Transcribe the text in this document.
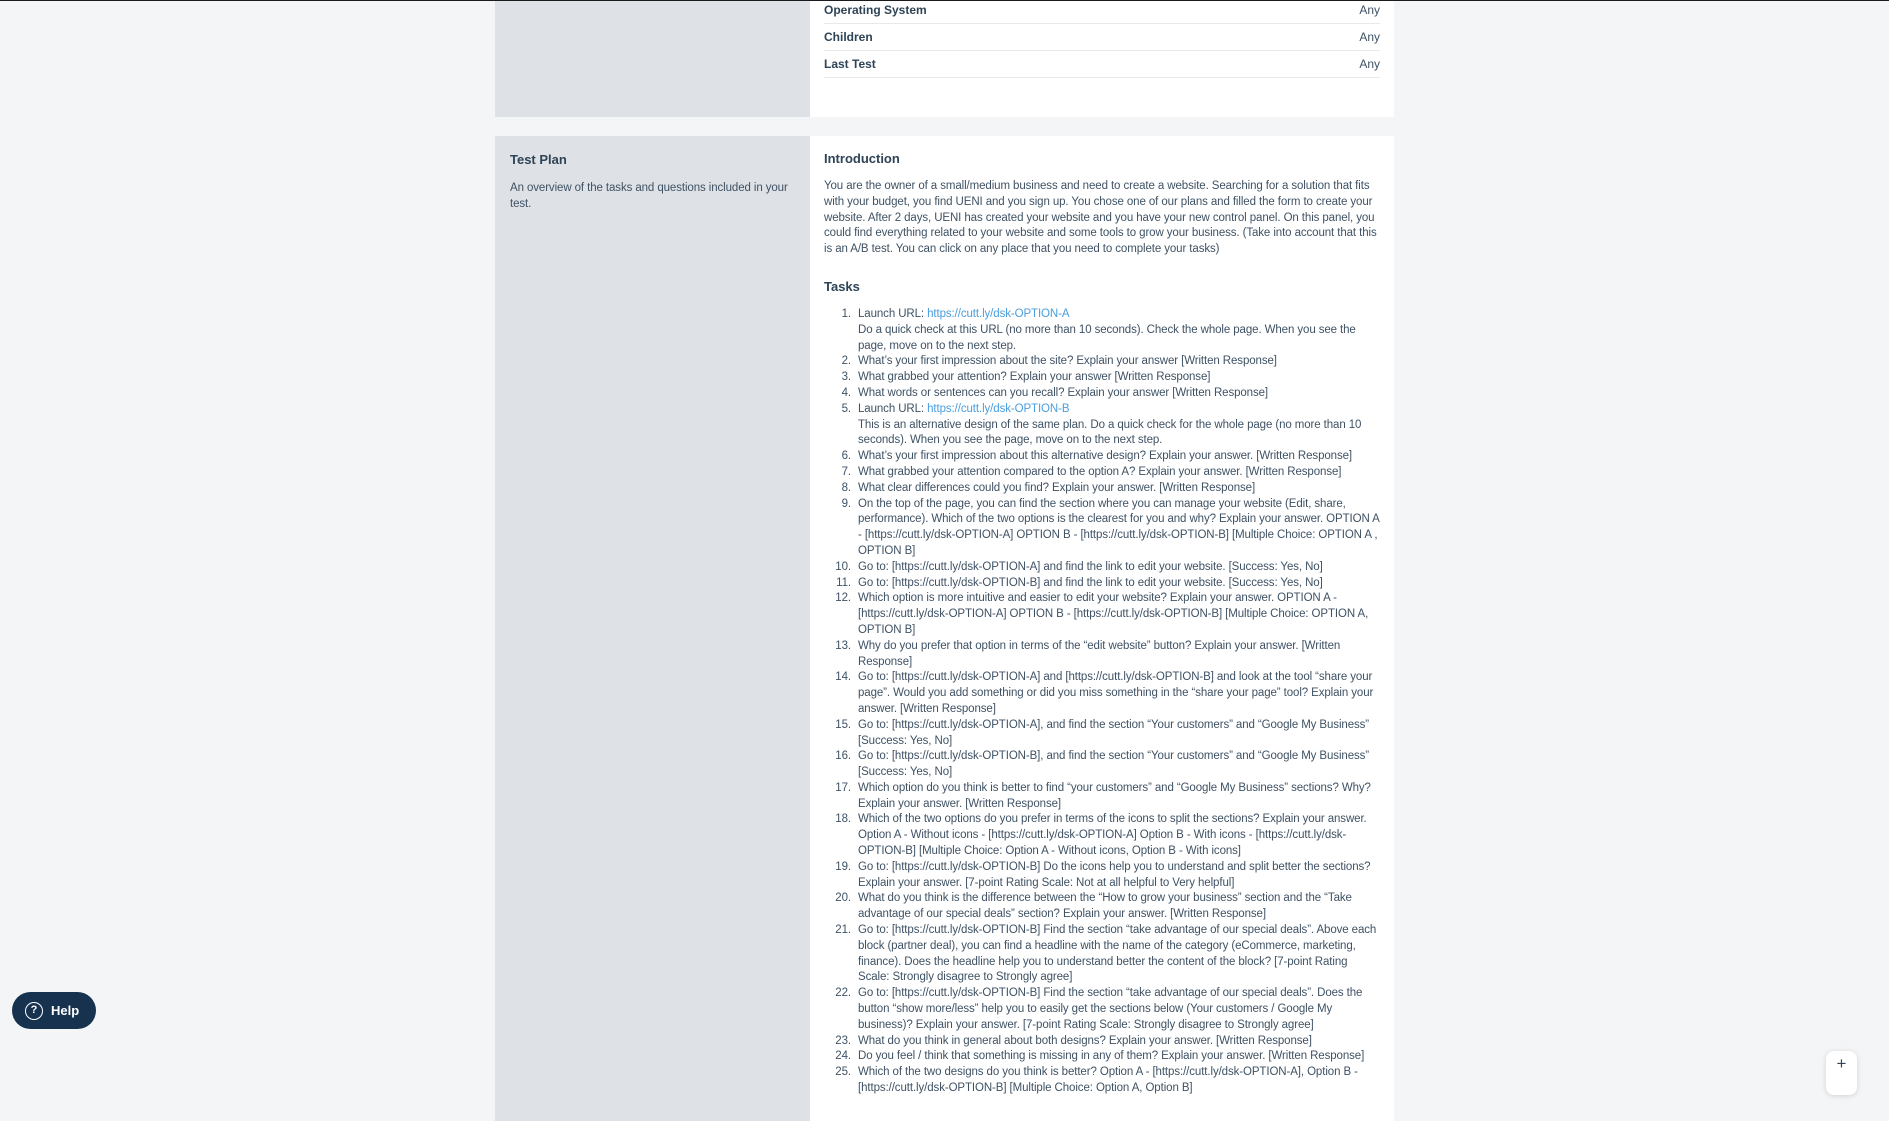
Operating System	Any
Children	Any
Last Test	Any
Test Plan

An overview of the tasks and questions included in your test.

Introduction

You are the owner of a small/medium business and need to create a website. Searching for a solution that fits with your budget, you find UENI and you sign up. You chose one of our plans and filled the form to create your website. After 2 days, UENI has created your website and you have your new control panel. On this panel, you could find everything related to your website and some tools to grow your business. (Take into account that this is an A/B test. You can click on any place that you need to complete your tasks)

Tasks
Launch URL: https://cutt.ly/dsk-OPTION-A
Do a quick check at this URL (no more than 10 seconds). Check the whole page. When you see the page, move on to the next step.
What’s your first impression about the site? Explain your answer [Written Response]
What grabbed your attention? Explain your answer [Written Response]
What words or sentences can you recall? Explain your answer [Written Response]
Launch URL: https://cutt.ly/dsk-OPTION-B
This is an alternative design of the same plan. Do a quick check for the whole page (no more than 10 seconds). When you see the page, move on to the next step.
What’s your first impression about this alternative design? Explain your answer. [Written Response]
What grabbed your attention compared to the option A? Explain your answer. [Written Response]
What clear differences could you find? Explain your answer. [Written Response]
On the top of the page, you can find the section where you can manage your website (Edit, share, performance). Which of the two options is the clearest for you and why? Explain your answer. OPTION A - [https://cutt.ly/dsk-OPTION-A] OPTION B - [https://cutt.ly/dsk-OPTION-B] [Multiple Choice: OPTION A , OPTION B]
Go to: [https://cutt.ly/dsk-OPTION-A] and find the link to edit your website. [Success: Yes, No]
Go to: [https://cutt.ly/dsk-OPTION-B] and find the link to edit your website. [Success: Yes, No]
Which option is more intuitive and easier to edit your website? Explain your answer. OPTION A - [https://cutt.ly/dsk-OPTION-A] OPTION B - [https://cutt.ly/dsk-OPTION-B] [Multiple Choice: OPTION A, OPTION B]
Why do you prefer that option in terms of the “edit website” button? Explain your answer. [Written Response]
Go to: [https://cutt.ly/dsk-OPTION-A] and [https://cutt.ly/dsk-OPTION-B] and look at the tool “share your page”. Would you add something or did you miss something in the “share your page” tool? Explain your answer. [Written Response]
Go to: [https://cutt.ly/dsk-OPTION-A], and find the section “Your customers” and “Google My Business” [Success: Yes, No]
Go to: [https://cutt.ly/dsk-OPTION-B], and find the section “Your customers” and “Google My Business” [Success: Yes, No]
Which option do you think is better to find “your customers” and “Google My Business” sections? Why? Explain your answer. [Written Response]
Which of the two options do you prefer in terms of the icons to split the sections? Explain your answer. Option A - Without icons - [https://cutt.ly/dsk-OPTION-A] Option B - With icons - [https://cutt.ly/dsk-OPTION-B] [Multiple Choice: Option A - Without icons, Option B - With icons]
Go to: [https://cutt.ly/dsk-OPTION-B] Do the icons help you to understand and split better the sections? Explain your answer. [7-point Rating Scale: Not at all helpful to Very helpful]
What do you think is the difference between the “How to grow your business” section and the “Take advantage of our special deals” section? Explain your answer. [Written Response]
Go to: [https://cutt.ly/dsk-OPTION-B] Find the section “take advantage of our special deals”. Above each block (partner deal), you can find a headline with the name of the category (eCommerce, marketing, finance). Does the headline help you to understand better the content of the block? [7-point Rating Scale: Strongly disagree to Strongly agree]
Go to: [https://cutt.ly/dsk-OPTION-B] Find the section “take advantage of our special deals”. Does the button “show more/less” help you to easily get the sections below (Your customers / Google My business)? Explain your answer. [7-point Rating Scale: Strongly disagree to Strongly agree]
What do you think in general about both designs? Explain your answer. [Written Response]
Do you feel / think that something is missing in any of them? Explain your answer. [Written Response]
Which of the two designs do you think is better? Option A - [https://cutt.ly/dsk-OPTION-A], Option B - [https://cutt.ly/dsk-OPTION-B] [Multiple Choice: Option A, Option B]
?	Help
+
